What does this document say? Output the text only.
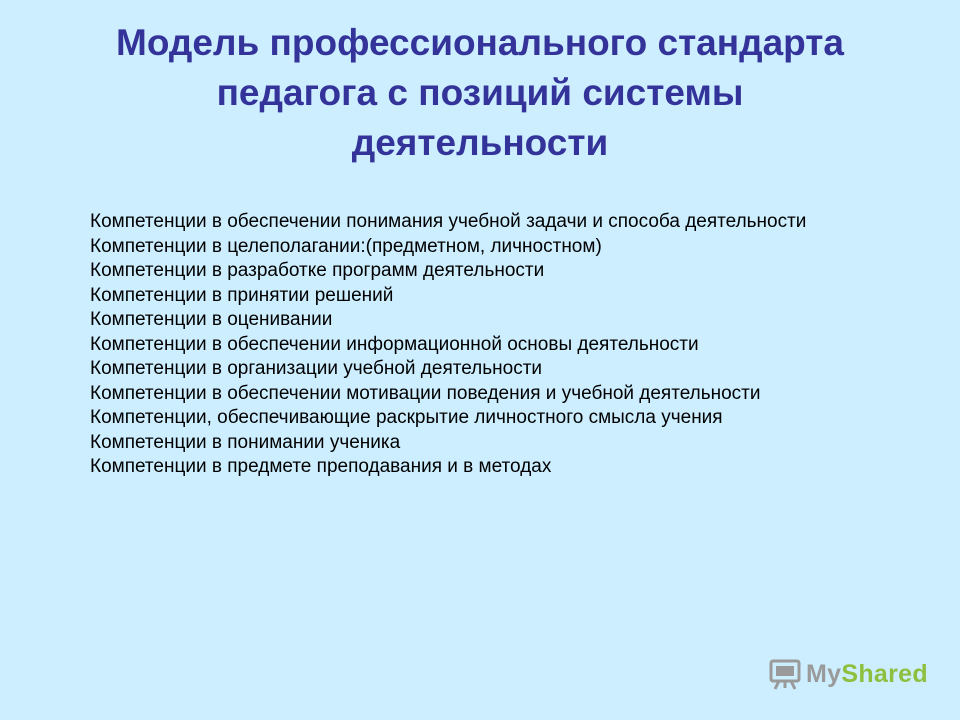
Модель профессионального стандарта
педагога с позиций системы
деятельности
Компетенции в обеспечении понимания учебной задачи и способа деятельности
Компетенции в целеполагании:(предметном, личностном)
Компетенции в разработке программ деятельности
Компетенции в принятии решений
Компетенции в оценивании
Компетенции в обеспечении информационной основы деятельности
Компетенции в организации учебной деятельности
Компетенции в обеспечении мотивации поведения и учебной деятельности
Компетенции, обеспечивающие раскрытие личностного смысла учения
Компетенции в понимании ученика
Компетенции в предмете преподавания и в методах
MyShared
